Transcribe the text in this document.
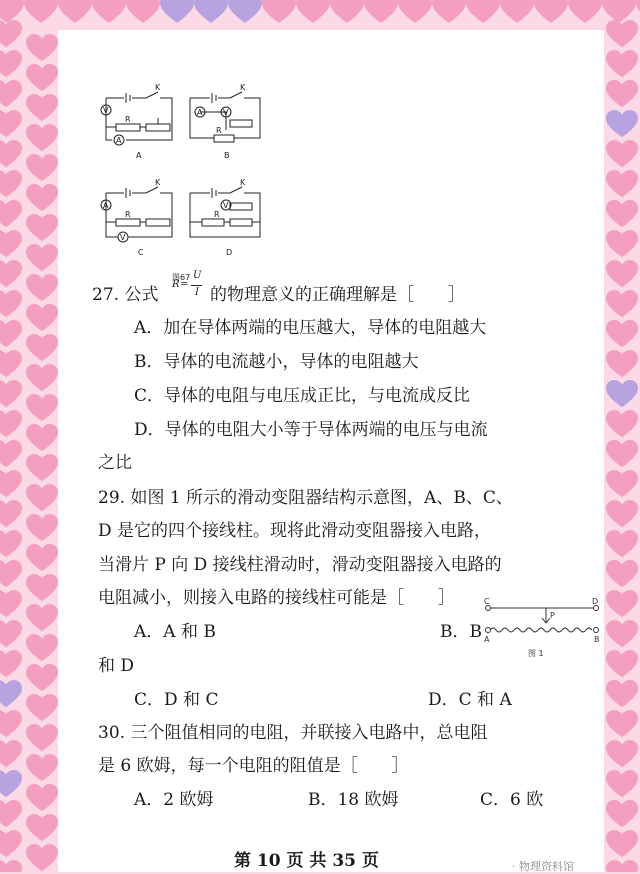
K
V
R
A
A
K
V
A
R
B
K
A
R
V
C
K
V
R
D
图67
27. 公式
R =
U
I 的物理意义的正确理解是［　　］
A．加在导体两端的电压越大，导体的电阻越大
B．导体的电流越小，导体的电阻越大
C．导体的电阻与电压成正比，与电流成反比
D．导体的电阻大小等于导体两端的电压与电流
之比
29. 如图 1 所示的滑动变阻器结构示意图，A、B、C、
D 是它的四个接线柱。现将此滑动变阻器接入电路，
当滑片 P 向 D 接线柱滑动时，滑动变阻器接入电路的
电阻减小，则接入电路的接线柱可能是［　　］
A．A 和 B	B．B
和 D
C．D 和 C	D．C 和 A
C	D
P
A	B
图 1
30. 三个阻值相同的电阻，并联接入电路中，总电阻
是 6 欧姆，每一个电阻的阻值是［　　］
A．2 欧姆	B．18 欧姆	C．6 欧
第 10 页 共 35 页	· 物理资料馆
